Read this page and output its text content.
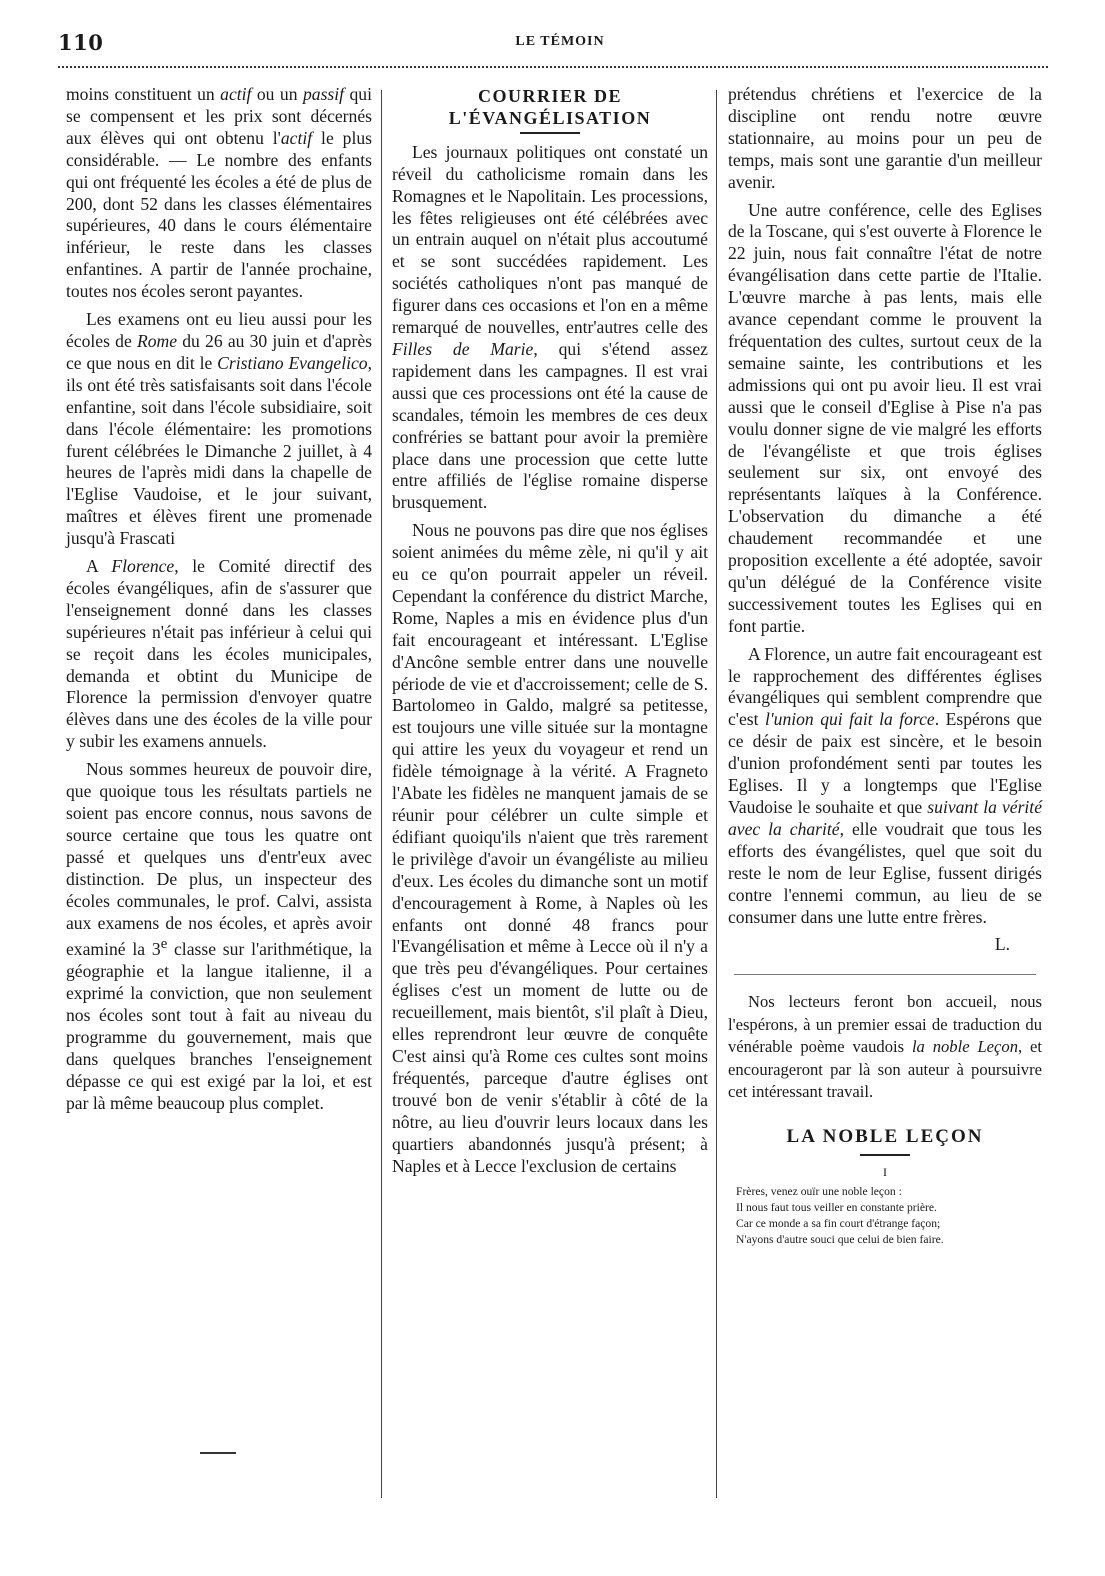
110	LE TÉMOIN

moins constituent un actif ou un passif qui se compensent et les prix sont décernés aux élèves qui ont obtenu l'actif le plus considérable. — Le nombre des enfants qui ont fréquenté les écoles a été de plus de 200, dont 52 dans les classes élémentaires supérieures, 40 dans le cours élémentaire inférieur, le reste dans les classes enfantines. A partir de l'année prochaine, toutes nos écoles seront payantes.

Les examens ont eu lieu aussi pour les écoles de Rome du 26 au 30 juin et d'après ce que nous en dit le Cristiano Evangelico, ils ont été très satisfaisants soit dans l'école enfantine, soit dans l'école subsidiaire, soit dans l'école élémentaire: les promotions furent célébrées le Dimanche 2 juillet, à 4 heures de l'après midi dans la chapelle de l'Eglise Vaudoise, et le jour suivant, maîtres et élèves firent une promenade jusqu'à Frascati

A Florence, le Comité directif des écoles évangéliques, afin de s'assurer que l'enseignement donné dans les classes supérieures n'était pas inférieur à celui qui se reçoit dans les écoles municipales, demanda et obtint du Municipe de Florence la permission d'envoyer quatre élèves dans une des écoles de la ville pour y subir les examens annuels.

Nous sommes heureux de pouvoir dire, que quoique tous les résultats partiels ne soient pas encore connus, nous savons de source certaine que tous les quatre ont passé et quelques uns d'entr'eux avec distinction. De plus, un inspecteur des écoles communales, le prof. Calvi, assista aux examens de nos écoles, et après avoir examiné la 3e classe sur l'arithmétique, la géographie et la langue italienne, il a exprimé la conviction, que non seulement nos écoles sont tout à fait au niveau du programme du gouvernement, mais que dans quelques branches l'enseignement dépasse ce qui est exigé par la loi, et est par là même beaucoup plus complet.

COURRIER DE L'ÉVANGÉLISATION

Les journaux politiques ont constaté un réveil du catholicisme romain dans les Romagnes et le Napolitain. Les processions, les fêtes religieuses ont été célébrées avec un entrain auquel on n'était plus accoutumé et se sont succédées rapidement. Les sociétés catholiques n'ont pas manqué de figurer dans ces occasions et l'on en a même remarqué de nouvelles, entr'autres celle des Filles de Marie, qui s'étend assez rapidement dans les campagnes. Il est vrai aussi que ces processions ont été la cause de scandales, témoin les membres de ces deux confréries se battant pour avoir la première place dans une procession que cette lutte entre affiliés de l'église romaine disperse brusquement.

Nous ne pouvons pas dire que nos églises soient animées du même zèle, ni qu'il y ait eu ce qu'on pourrait appeler un réveil. Cependant la conférence du district Marche, Rome, Naples a mis en évidence plus d'un fait encourageant et intéressant. L'Eglise d'Ancône semble entrer dans une nouvelle période de vie et d'accroissement; celle de S. Bartolomeo in Galdo, malgré sa petitesse, est toujours une ville située sur la montagne qui attire les yeux du voyageur et rend un fidèle témoignage à la vérité. A Fragneto l'Abate les fidèles ne manquent jamais de se réunir pour célébrer un culte simple et édifiant quoiqu'ils n'aient que très rarement le privilège d'avoir un évangéliste au milieu d'eux. Les écoles du dimanche sont un motif d'encouragement à Rome, à Naples où les enfants ont donné 48 francs pour l'Evangélisation et même à Lecce où il n'y a que très peu d'évangéliques. Pour certaines églises c'est un moment de lutte ou de recueillement, mais bientôt, s'il plaît à Dieu, elles reprendront leur œuvre de conquête C'est ainsi qu'à Rome ces cultes sont moins fréquentés, parceque d'autre églises ont trouvé bon de venir s'établir à côté de la nôtre, au lieu d'ouvrir leurs locaux dans les quartiers abandonnés jusqu'à présent; à Naples et à Lecce l'exclusion de certains

prétendus chrétiens et l'exercice de la discipline ont rendu notre œuvre stationnaire, au moins pour un peu de temps, mais sont une garantie d'un meilleur avenir.

Une autre conférence, celle des Eglises de la Toscane, qui s'est ouverte à Florence le 22 juin, nous fait connaître l'état de notre évangélisation dans cette partie de l'Italie. L'œuvre marche à pas lents, mais elle avance cependant comme le prouvent la fréquentation des cultes, surtout ceux de la semaine sainte, les contributions et les admissions qui ont pu avoir lieu. Il est vrai aussi que le conseil d'Eglise à Pise n'a pas voulu donner signe de vie malgré les efforts de l'évangéliste et que trois églises seulement sur six, ont envoyé des représentants laïques à la Conférence. L'observation du dimanche a été chaudement recommandée et une proposition excellente a été adoptée, savoir qu'un délégué de la Conférence visite successivement toutes les Eglises qui en font partie.

A Florence, un autre fait encourageant est le rapprochement des différentes églises évangéliques qui semblent comprendre que c'est l'union qui fait la force. Espérons que ce désir de paix est sincère, et le besoin d'union profondément senti par toutes les Eglises. Il y a longtemps que l'Eglise Vaudoise le souhaite et que suivant la vérité avec la charité, elle voudrait que tous les efforts des évangélistes, quel que soit du reste le nom de leur Eglise, fussent dirigés contre l'ennemi commun, au lieu de se consumer dans une lutte entre frères.

L.

Nos lecteurs feront bon accueil, nous l'espérons, à un premier essai de traduction du vénérable poème vaudois la noble Leçon, et encourageront par là son auteur à poursuivre cet intéressant travail.

LA NOBLE LEÇON

I

Frères, venez ouïr une noble leçon :
Il nous faut tous veiller en constante prière.
Car ce monde a sa fin court d'étrange façon;
N'ayons d'autre souci que celui de bien faire.
